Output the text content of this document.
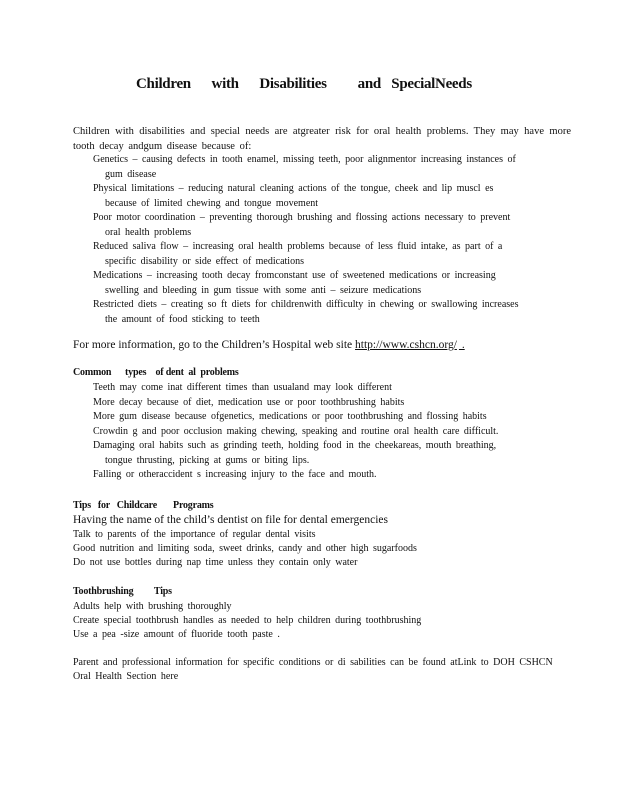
Children      with      Disabilities         and   SpecialNeeds
Children with disabilities and special needs are atgreater risk for oral health problems. They may have more tooth decay andgum disease because of:
Genetics – causing defects in tooth enamel, missing teeth, poor alignmentor increasing instances of
gum disease
Physical limitations – reducing natural cleaning actions of the tongue, cheek and lip muscl es
because of limited chewing and tongue movement
Poor motor coordination – preventing thorough brushing and flossing actions necessary to prevent
oral health problems
Reduced saliva flow – increasing oral health problems because of less fluid intake, as part of a
specific disability or side effect of medications
Medications – increasing tooth decay fromconstant use of sweetened medications or increasing
swelling and bleeding in gum tissue with some anti – seizure medications
Restricted diets – creating so ft diets for childrenwith difficulty in chewing or swallowing increases
the amount of food sticking to teeth
For more information, go to the Children’s Hospital web site http://www.cshcn.org/ .
Common      types    of dent  al  problems
Teeth may come inat different times than usualand may look different
More decay because of diet, medication use or poor toothbrushing habits
More gum disease because ofgenetics, medications or poor toothbrushing and flossing habits
Crowdin g and poor occlusion making chewing, speaking and routine oral health care difficult.
Damaging oral habits such as grinding teeth, holding food in the cheekareas, mouth breathing,
tongue thrusting, picking at gums or biting lips.
Falling or otheraccident s increasing injury to the face and mouth.
Tips   for   Childcare       Programs
Having the name of the child’s dentist on file for dental emergencies
Talk to parents of the importance of regular dental visits
Good nutrition and limiting soda, sweet drinks, candy and other high sugarfoods
Do not use bottles during nap time unless they contain only water
Toothbrushing         Tips
Adults help with brushing thoroughly
Create special toothbrush handles as needed to help children during toothbrushing
Use a pea -size amount of fluoride tooth paste .
Parent and professional information for specific conditions or di sabilities can be found atLink to DOH CSHCN Oral Health Section here
